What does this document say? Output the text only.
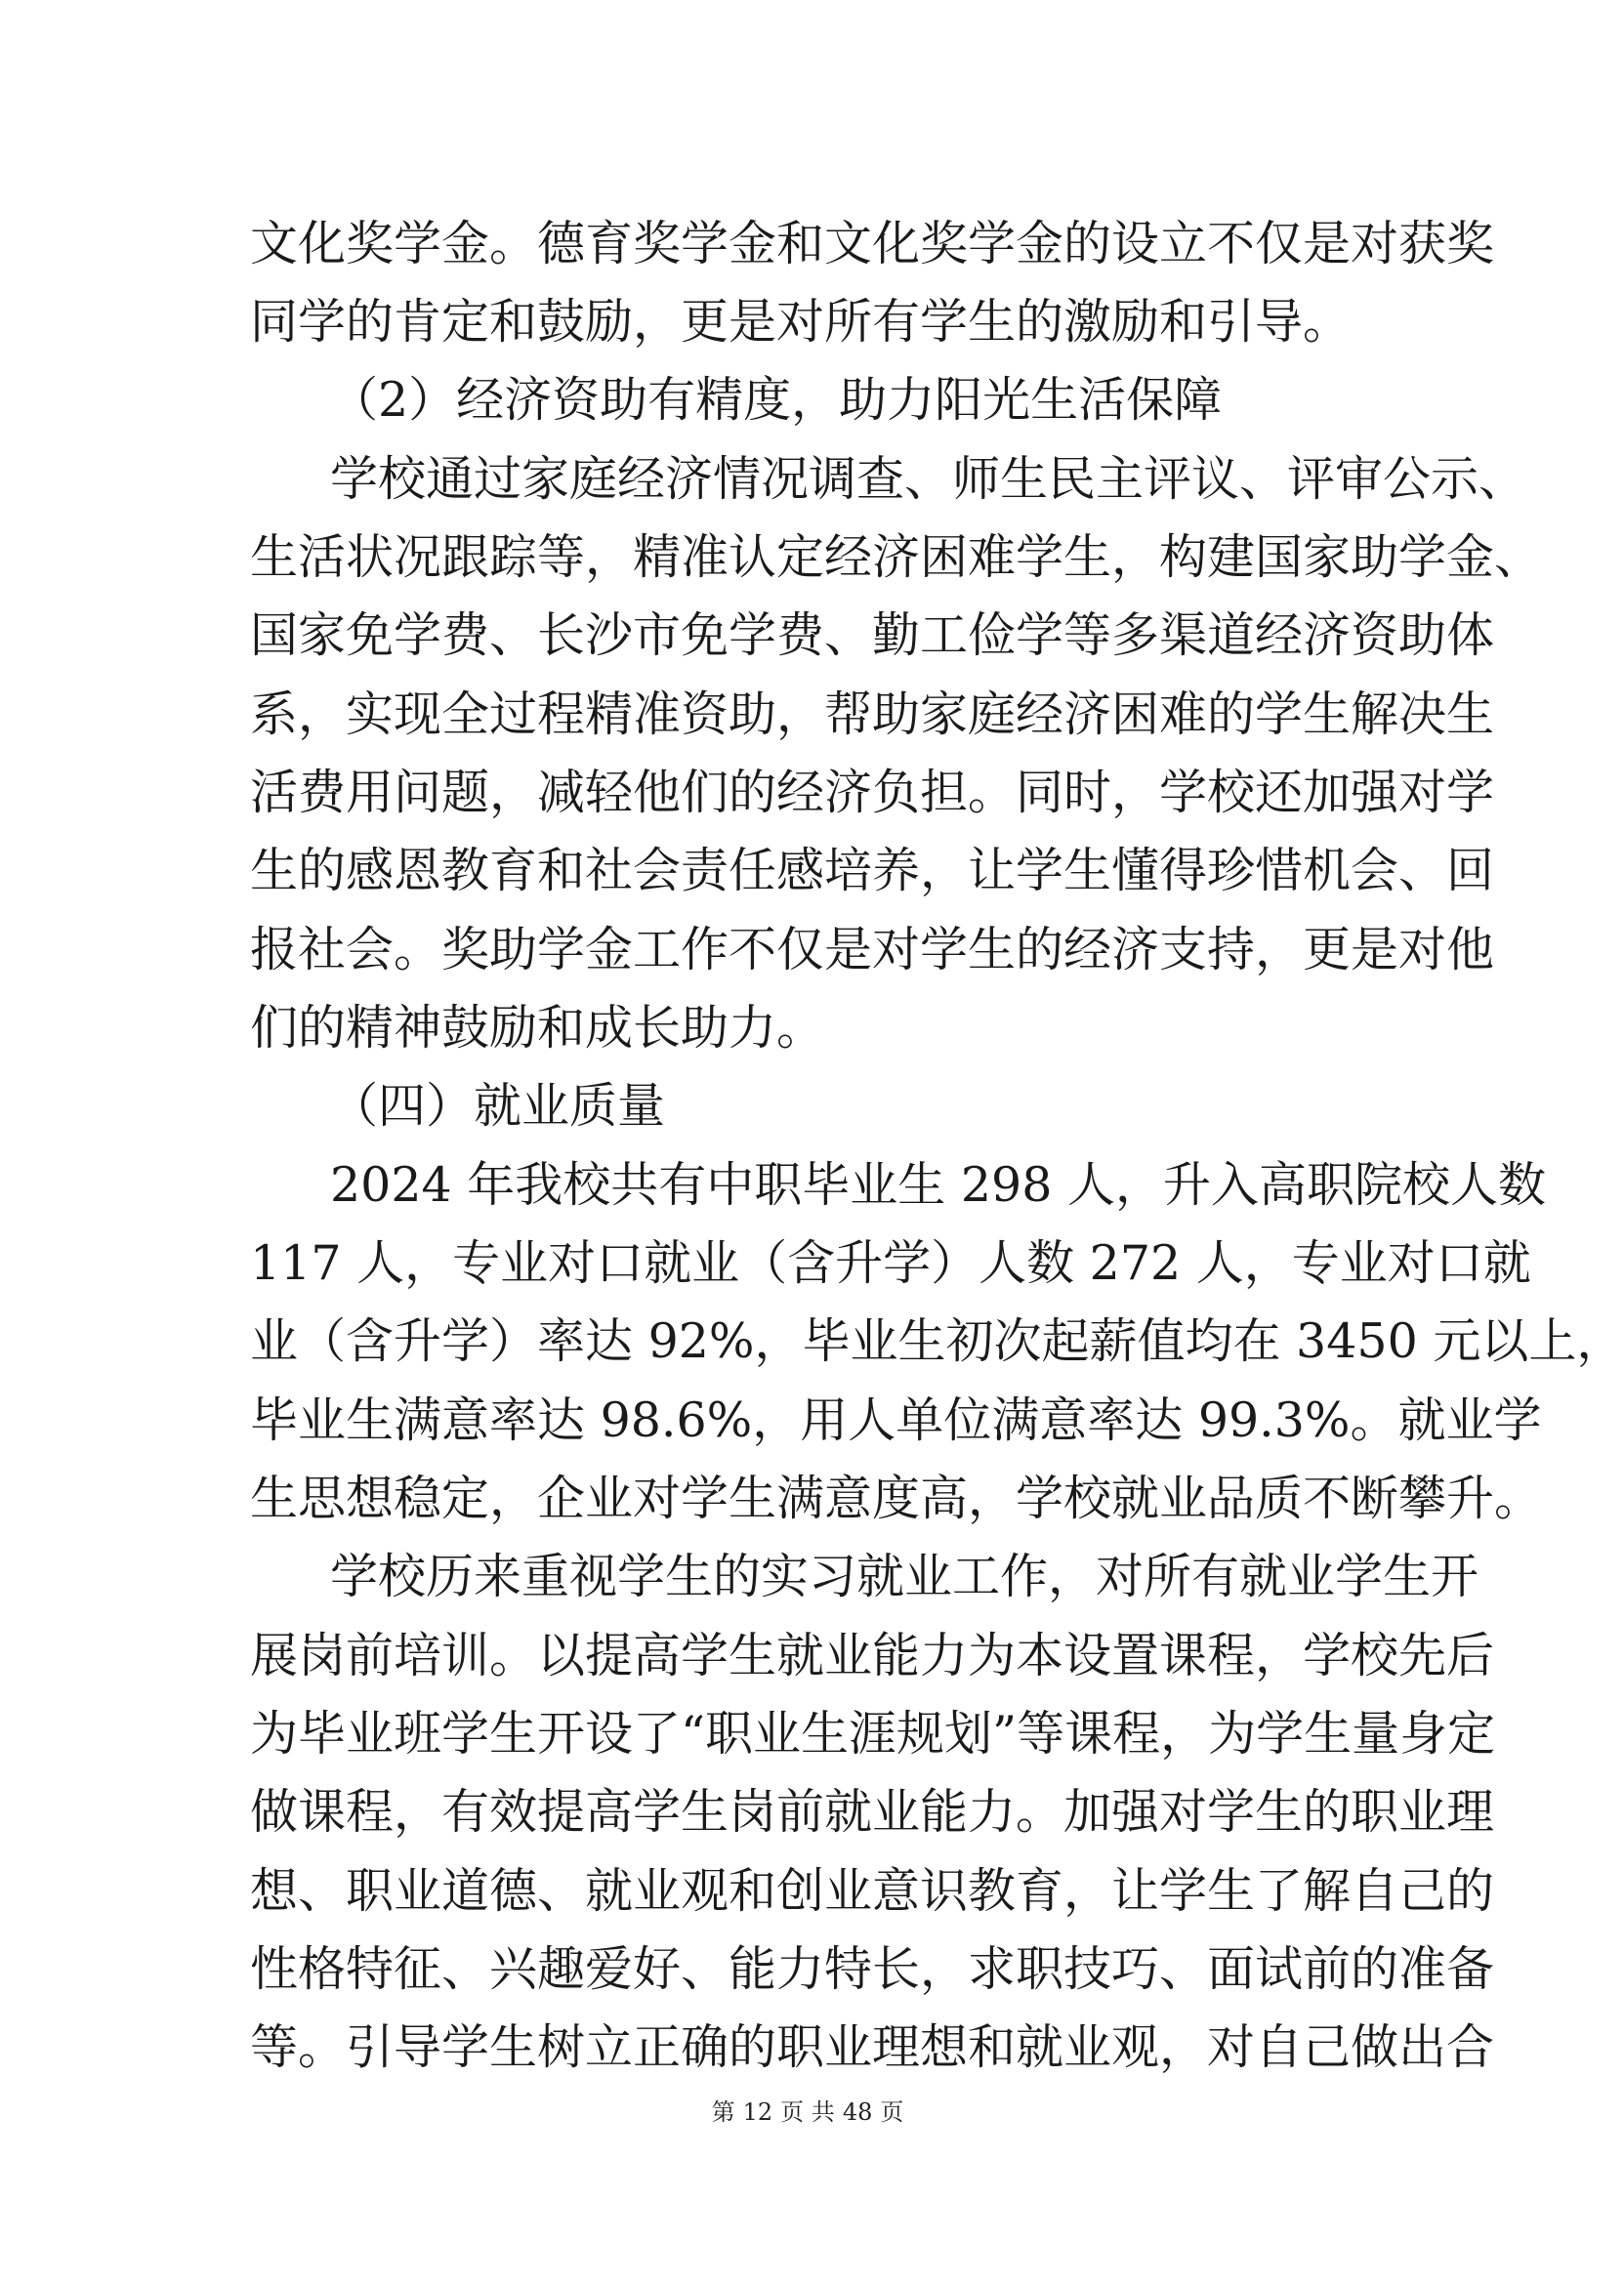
文化奖学金。德育奖学金和文化奖学金的设立不仅是对获奖
同学的肯定和鼓励，更是对所有学生的激励和引导。
（2）经济资助有精度，助力阳光生活保障
学校通过家庭经济情况调查、师生民主评议、评审公示、
生活状况跟踪等，精准认定经济困难学生，构建国家助学金、
国家免学费、长沙市免学费、勤工俭学等多渠道经济资助体
系，实现全过程精准资助，帮助家庭经济困难的学生解决生
活费用问题，减轻他们的经济负担。同时，学校还加强对学
生的感恩教育和社会责任感培养，让学生懂得珍惜机会、回
报社会。奖助学金工作不仅是对学生的经济支持，更是对他
们的精神鼓励和成长助力。
（四）就业质量
2024 年我校共有中职毕业生 298 人，升入高职院校人数
117 人，专业对口就业（含升学）人数 272 人，专业对口就
业（含升学）率达 92%，毕业生初次起薪值均在 3450 元以上，
毕业生满意率达 98.6%，用人单位满意率达 99.3%。就业学
生思想稳定，企业对学生满意度高，学校就业品质不断攀升。
学校历来重视学生的实习就业工作，对所有就业学生开
展岗前培训。以提高学生就业能力为本设置课程，学校先后
为毕业班学生开设了“职业生涯规划”等课程，为学生量身定
做课程，有效提高学生岗前就业能力。加强对学生的职业理
想、职业道德、就业观和创业意识教育，让学生了解自己的
性格特征、兴趣爱好、能力特长，求职技巧、面试前的准备
等。引导学生树立正确的职业理想和就业观，对自己做出合
第 12 页 共 48 页
